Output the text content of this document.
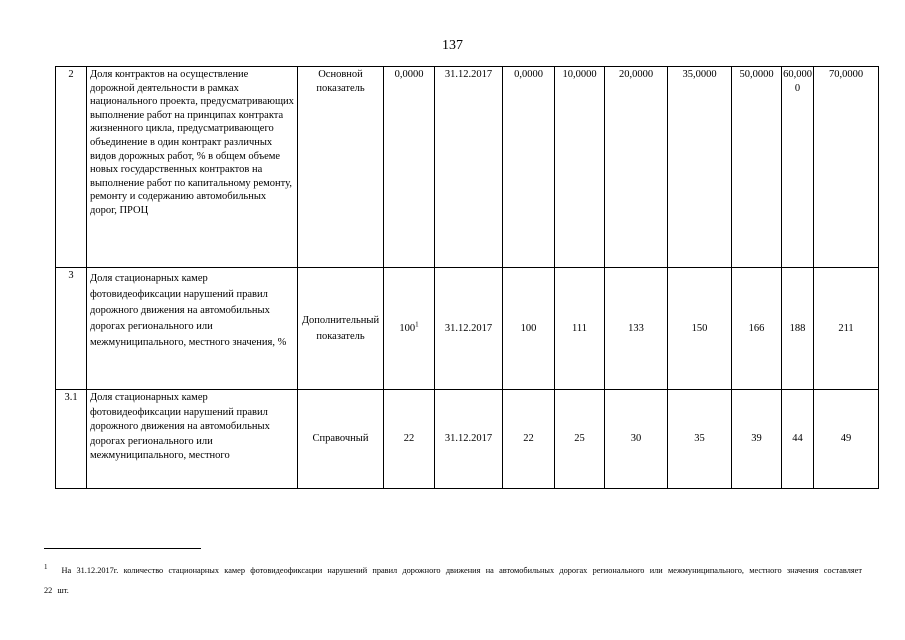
137
2	Доля контрактов на осуществление дорожной деятельности в рамках национального проекта, предусматривающих выполнение работ на принципах контракта жизненного цикла, предусматривающего объединение в один контракт различных видов дорожных работ, % в общем объеме новых государственных контрактов на выполнение работ по капитальному ремонту, ремонту и содержанию автомобильных дорог, ПРОЦ	Основной показатель	0,0000	31.12.2017	0,0000	10,0000	20,0000	35,0000	50,0000	60,0000	70,0000
3	Доля стационарных камер фотовидеофиксации нарушений правил дорожного движения на автомобильных дорогах регионального или межмуниципального, местного значения, %	Дополнительный показатель	$100^1$	31.12.2017	100	111	133	150	166	188	211
3.1	Доля стационарных камер фотовидеофиксации нарушений правил дорожного движения на автомобильных дорогах регионального или межмуниципального, местного	Справочный	22	31.12.2017	22	25	30	35	39	44	49
$^1$ На 31.12.2017г. количество стационарных камер фотовидеофиксации нарушений правил дорожного движения на автомобильных дорогах регионального или межмуниципального, местного значения составляет 22 шт.
